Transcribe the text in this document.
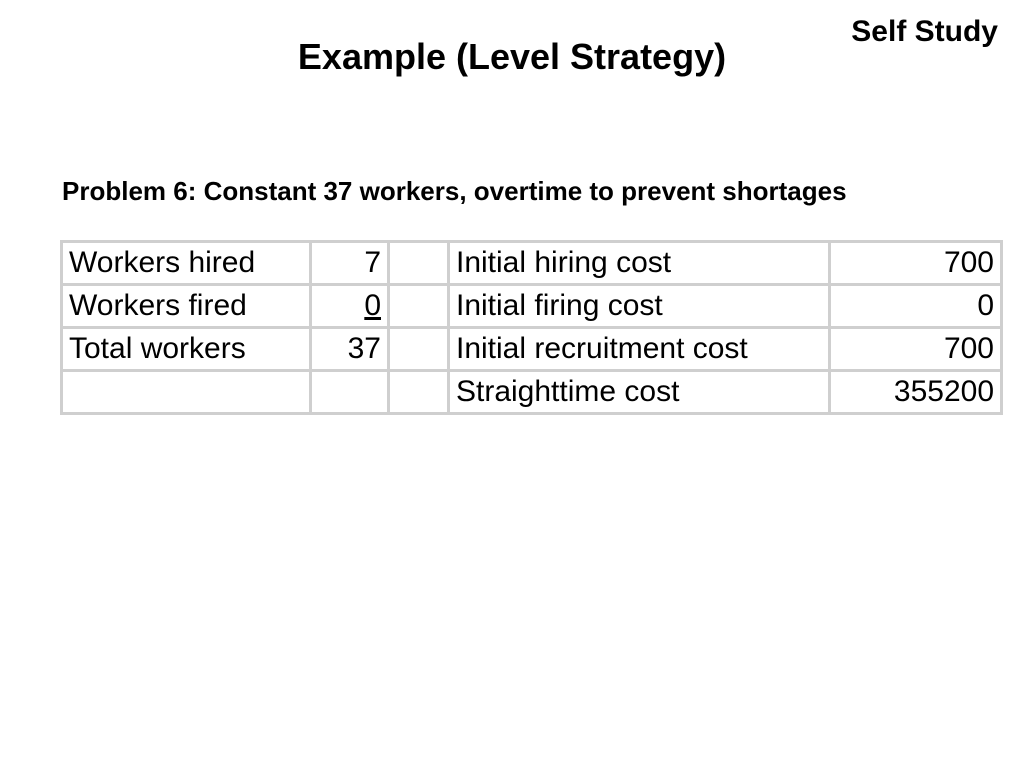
Self Study
Example (Level Strategy)
Problem 6: Constant 37 workers, overtime to prevent shortages
Workers hired	7		Initial hiring cost	700
Workers fired	0		Initial firing cost	0
Total workers	37		Initial recruitment cost	700
			Straighttime cost	355200
